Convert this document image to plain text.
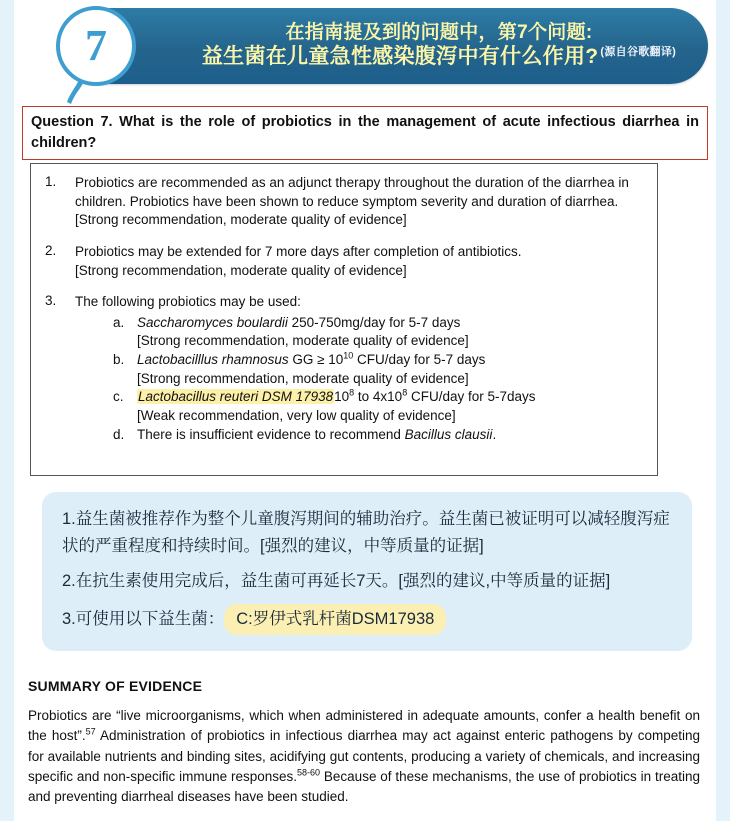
在指南提及到的问题中，第7个问题:
益生菌在儿童急性感染腹泻中有什么作用? $^{(源自谷歌翻译)}$
7
Question 7. What is the role of probiotics in the management of acute infectious diarrhea in children?
1.	Probiotics are recommended as an adjunct therapy throughout the duration of the diarrhea in children. Probiotics have been shown to reduce symptom severity and duration of diarrhea.
[Strong recommendation, moderate quality of evidence]
2.	Probiotics may be extended for 7 more days after completion of antibiotics.
[Strong recommendation, moderate quality of evidence]
3.	The following probiotics may be used:
a. Saccharomyces boulardii 250-750mg/day for 5-7 days
[Strong recommendation, moderate quality of evidence]
b. Lactobacilllus rhamnosus GG ≥ $10^{10}$ CFU/day for 5-7 days
[Strong recommendation, moderate quality of evidence]
c.	Lactobacillus reuteri DSM 1793810$^8$ to $4x10^8$ CFU/day for 5-7days
[Weak recommendation, very low quality of evidence]
d. There is insufficient evidence to recommend Bacillus clausii.

1.益生菌被推荐作为整个儿童腹泻期间的辅助治疗。益生菌已被证明可以减轻腹泻症状的严重程度和持续时间。[强烈的建议，中等质量的证据]

2.在抗生素使用完成后，益生菌可再延长7天。[强烈的建议,中等质量的证据]

3.可使用以下益生菌： C:罗伊式乳杆菌DSM17938

SUMMARY OF EVIDENCE
Probiotics are “live microorganisms, which when administered in adequate amounts, confer a health benefit on the host”.$^{57}$ Administration of probiotics in infectious diarrhea may act against enteric pathogens by competing for available nutrients and binding sites, acidifying gut contents, producing a variety of chemicals, and increasing specific and non-specific immune responses.$^{58-60}$ Because of these mechanisms, the use of probiotics in treating and preventing diarrheal diseases have been studied.
